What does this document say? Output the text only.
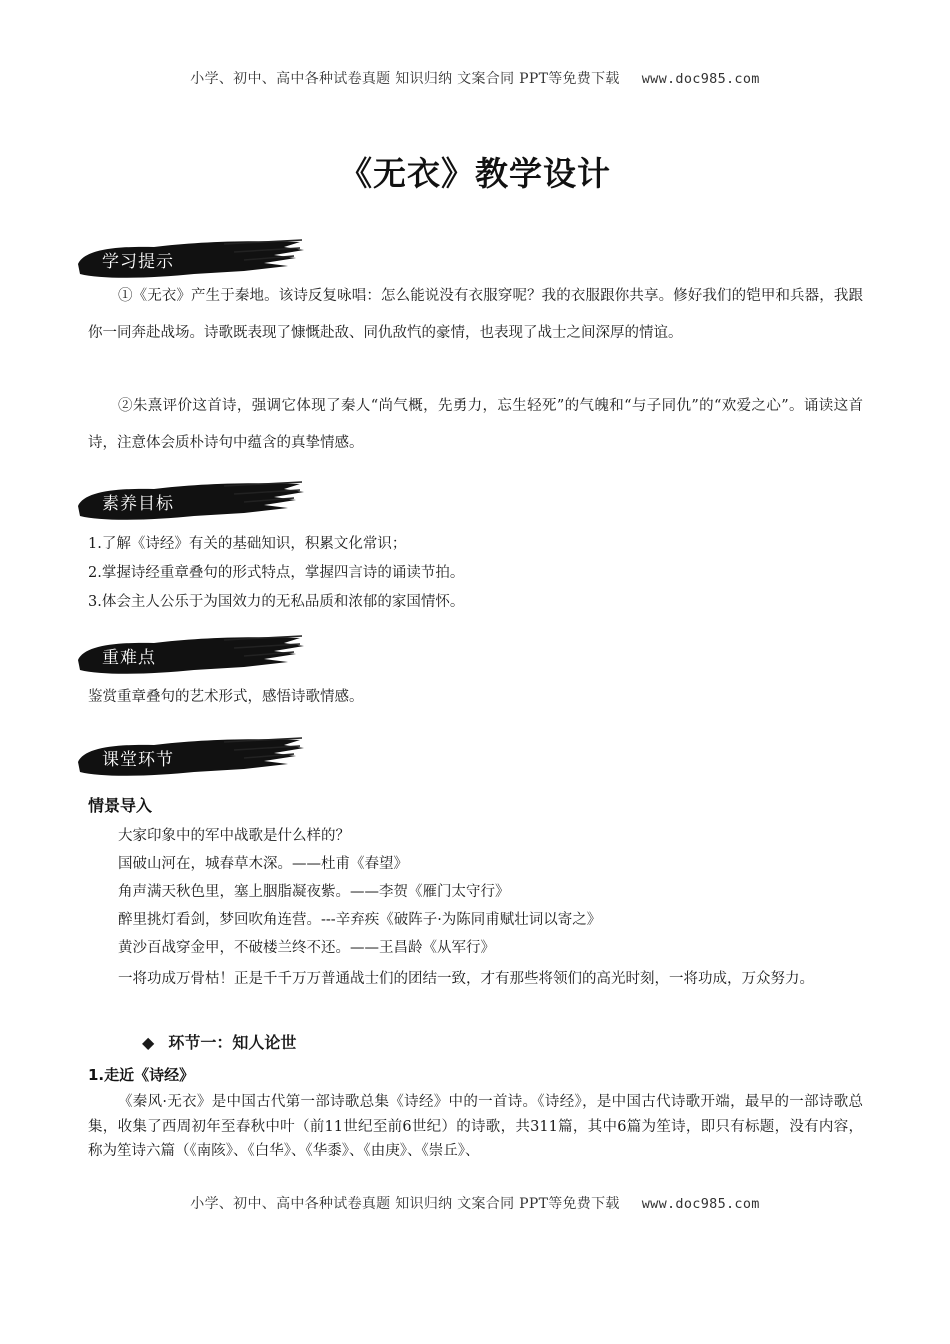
小学、初中、高中各种试卷真题 知识归纳 文案合同 PPT等免费下载 www.doc985.com
《无衣》教学设计
学习提示

①《无衣》产生于秦地。该诗反复咏唱：怎么能说没有衣服穿呢？我的衣服跟你共享。修好我们的铠甲和兵器，我跟你一同奔赴战场。诗歌既表现了慷慨赴敌、同仇敌忾的豪情，也表现了战士之间深厚的情谊。

②朱熹评价这首诗，强调它体现了秦人“尚气概，先勇力，忘生轻死”的气魄和“与子同仇”的“欢爱之心”。诵读这首诗，注意体会质朴诗句中蕴含的真挚情感。

素养目标

1.了解《诗经》有关的基础知识，积累文化常识；

2.掌握诗经重章叠句的形式特点，掌握四言诗的诵读节拍。

3.体会主人公乐于为国效力的无私品质和浓郁的家国情怀。

重难点

鉴赏重章叠句的艺术形式，感悟诗歌情感。

课堂环节
情景导入

大家印象中的军中战歌是什么样的？

国破山河在，城春草木深。——杜甫《春望》

角声满天秋色里，塞上胭脂凝夜紫。——李贺《雁门太守行》

醉里挑灯看剑，梦回吹角连营。---辛弃疾《破阵子·为陈同甫赋壮词以寄之》

黄沙百战穿金甲，不破楼兰终不还。——王昌龄《从军行》

一将功成万骨枯！正是千千万万普通战士们的团结一致，才有那些将领们的高光时刻，一将功成，万众努力。

◆ 环节一：知人论世
1.走近《诗经》

《秦风·无衣》是中国古代第一部诗歌总集《诗经》中的一首诗。《诗经》，是中国古代诗歌开端，最早的一部诗歌总集，收集了西周初年至春秋中叶（前11世纪至前6世纪）的诗歌，共311篇，其中6篇为笙诗，即只有标题，没有内容，称为笙诗六篇（《南陔》、《白华》、《华黍》、《由庚》、《崇丘》、

小学、初中、高中各种试卷真题 知识归纳 文案合同 PPT等免费下载 www.doc985.com
